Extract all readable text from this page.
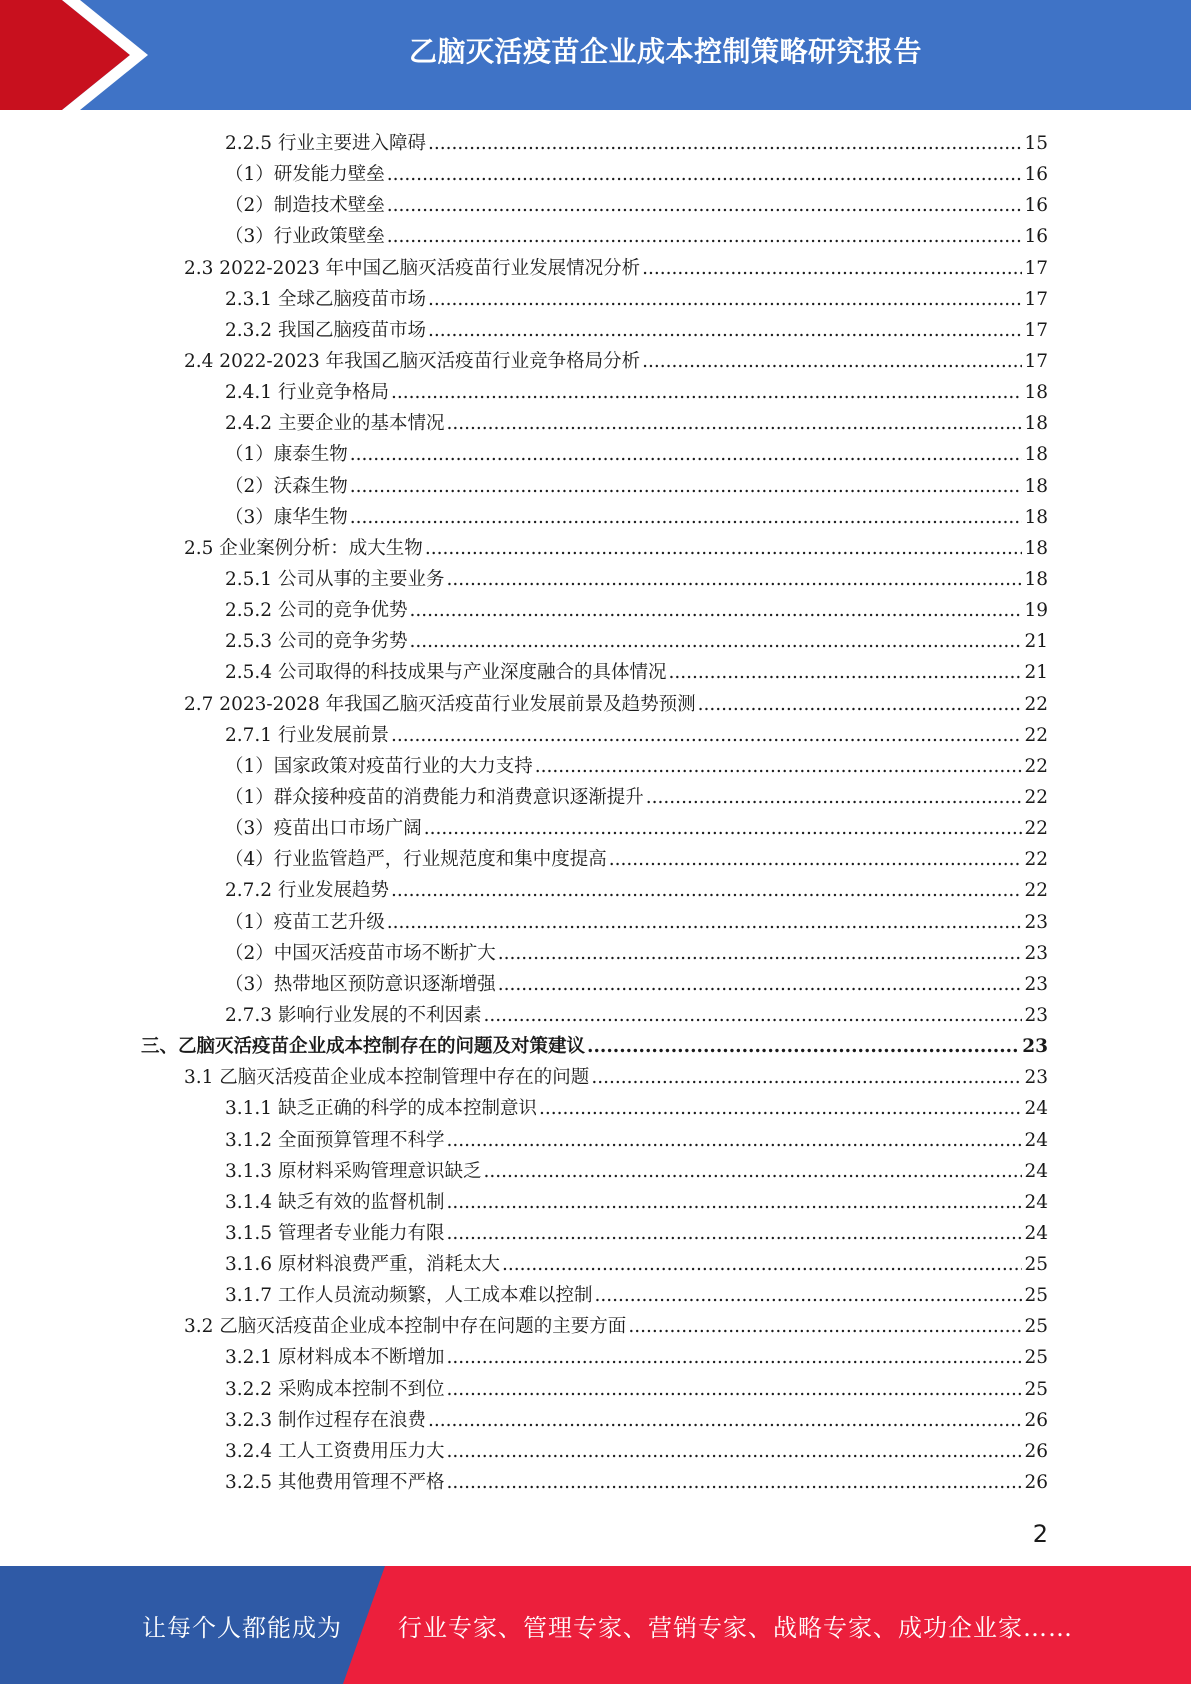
乙脑灭活疫苗企业成本控制策略研究报告
2.2.5 行业主要进入障碍 .....	15
（1）研发能力壁垒 .....	16
（2）制造技术壁垒 .....	16
（3）行业政策壁垒 .....	16
2.3 2022-2023 年中国乙脑灭活疫苗行业发展情况分析 .....	17
2.3.1 全球乙脑疫苗市场 .....	17
2.3.2 我国乙脑疫苗市场 .....	17
2.4 2022-2023 年我国乙脑灭活疫苗行业竞争格局分析 .....	17
2.4.1 行业竞争格局 .....	18
2.4.2 主要企业的基本情况 .....	18
（1）康泰生物 .....	18
（2）沃森生物 .....	18
（3）康华生物 .....	18
2.5 企业案例分析：成大生物 .....	18
2.5.1 公司从事的主要业务 .....	18
2.5.2 公司的竞争优势 .....	19
2.5.3 公司的竞争劣势 .....	21
2.5.4 公司取得的科技成果与产业深度融合的具体情况 .....	21
2.7 2023-2028 年我国乙脑灭活疫苗行业发展前景及趋势预测 .....	22
2.7.1 行业发展前景 .....	22
（1）国家政策对疫苗行业的大力支持 .....	22
（1）群众接种疫苗的消费能力和消费意识逐渐提升 .....	22
（3）疫苗出口市场广阔 .....	22
（4）行业监管趋严，行业规范度和集中度提高 .....	22
2.7.2 行业发展趋势 .....	22
（1）疫苗工艺升级 .....	23
（2）中国灭活疫苗市场不断扩大 .....	23
（3）热带地区预防意识逐渐增强 .....	23
2.7.3 影响行业发展的不利因素 .....	23
三、乙脑灭活疫苗企业成本控制存在的问题及对策建议 .....	23
3.1 乙脑灭活疫苗企业成本控制管理中存在的问题 .....	23
3.1.1 缺乏正确的科学的成本控制意识 .....	24
3.1.2 全面预算管理不科学 .....	24
3.1.3 原材料采购管理意识缺乏 .....	24
3.1.4 缺乏有效的监督机制 .....	24
3.1.5 管理者专业能力有限 .....	24
3.1.6 原材料浪费严重，消耗太大 .....	25
3.1.7 工作人员流动频繁，人工成本难以控制 .....	25
3.2 乙脑灭活疫苗企业成本控制中存在问题的主要方面 .....	25
3.2.1 原材料成本不断增加 .....	25
3.2.2 采购成本控制不到位 .....	25
3.2.3 制作过程存在浪费 .....	26
3.2.4 工人工资费用压力大 .....	26
3.2.5 其他费用管理不严格 .....	26
2
让每个人都能成为 行业专家、管理专家、营销专家、战略专家、成功企业家……
